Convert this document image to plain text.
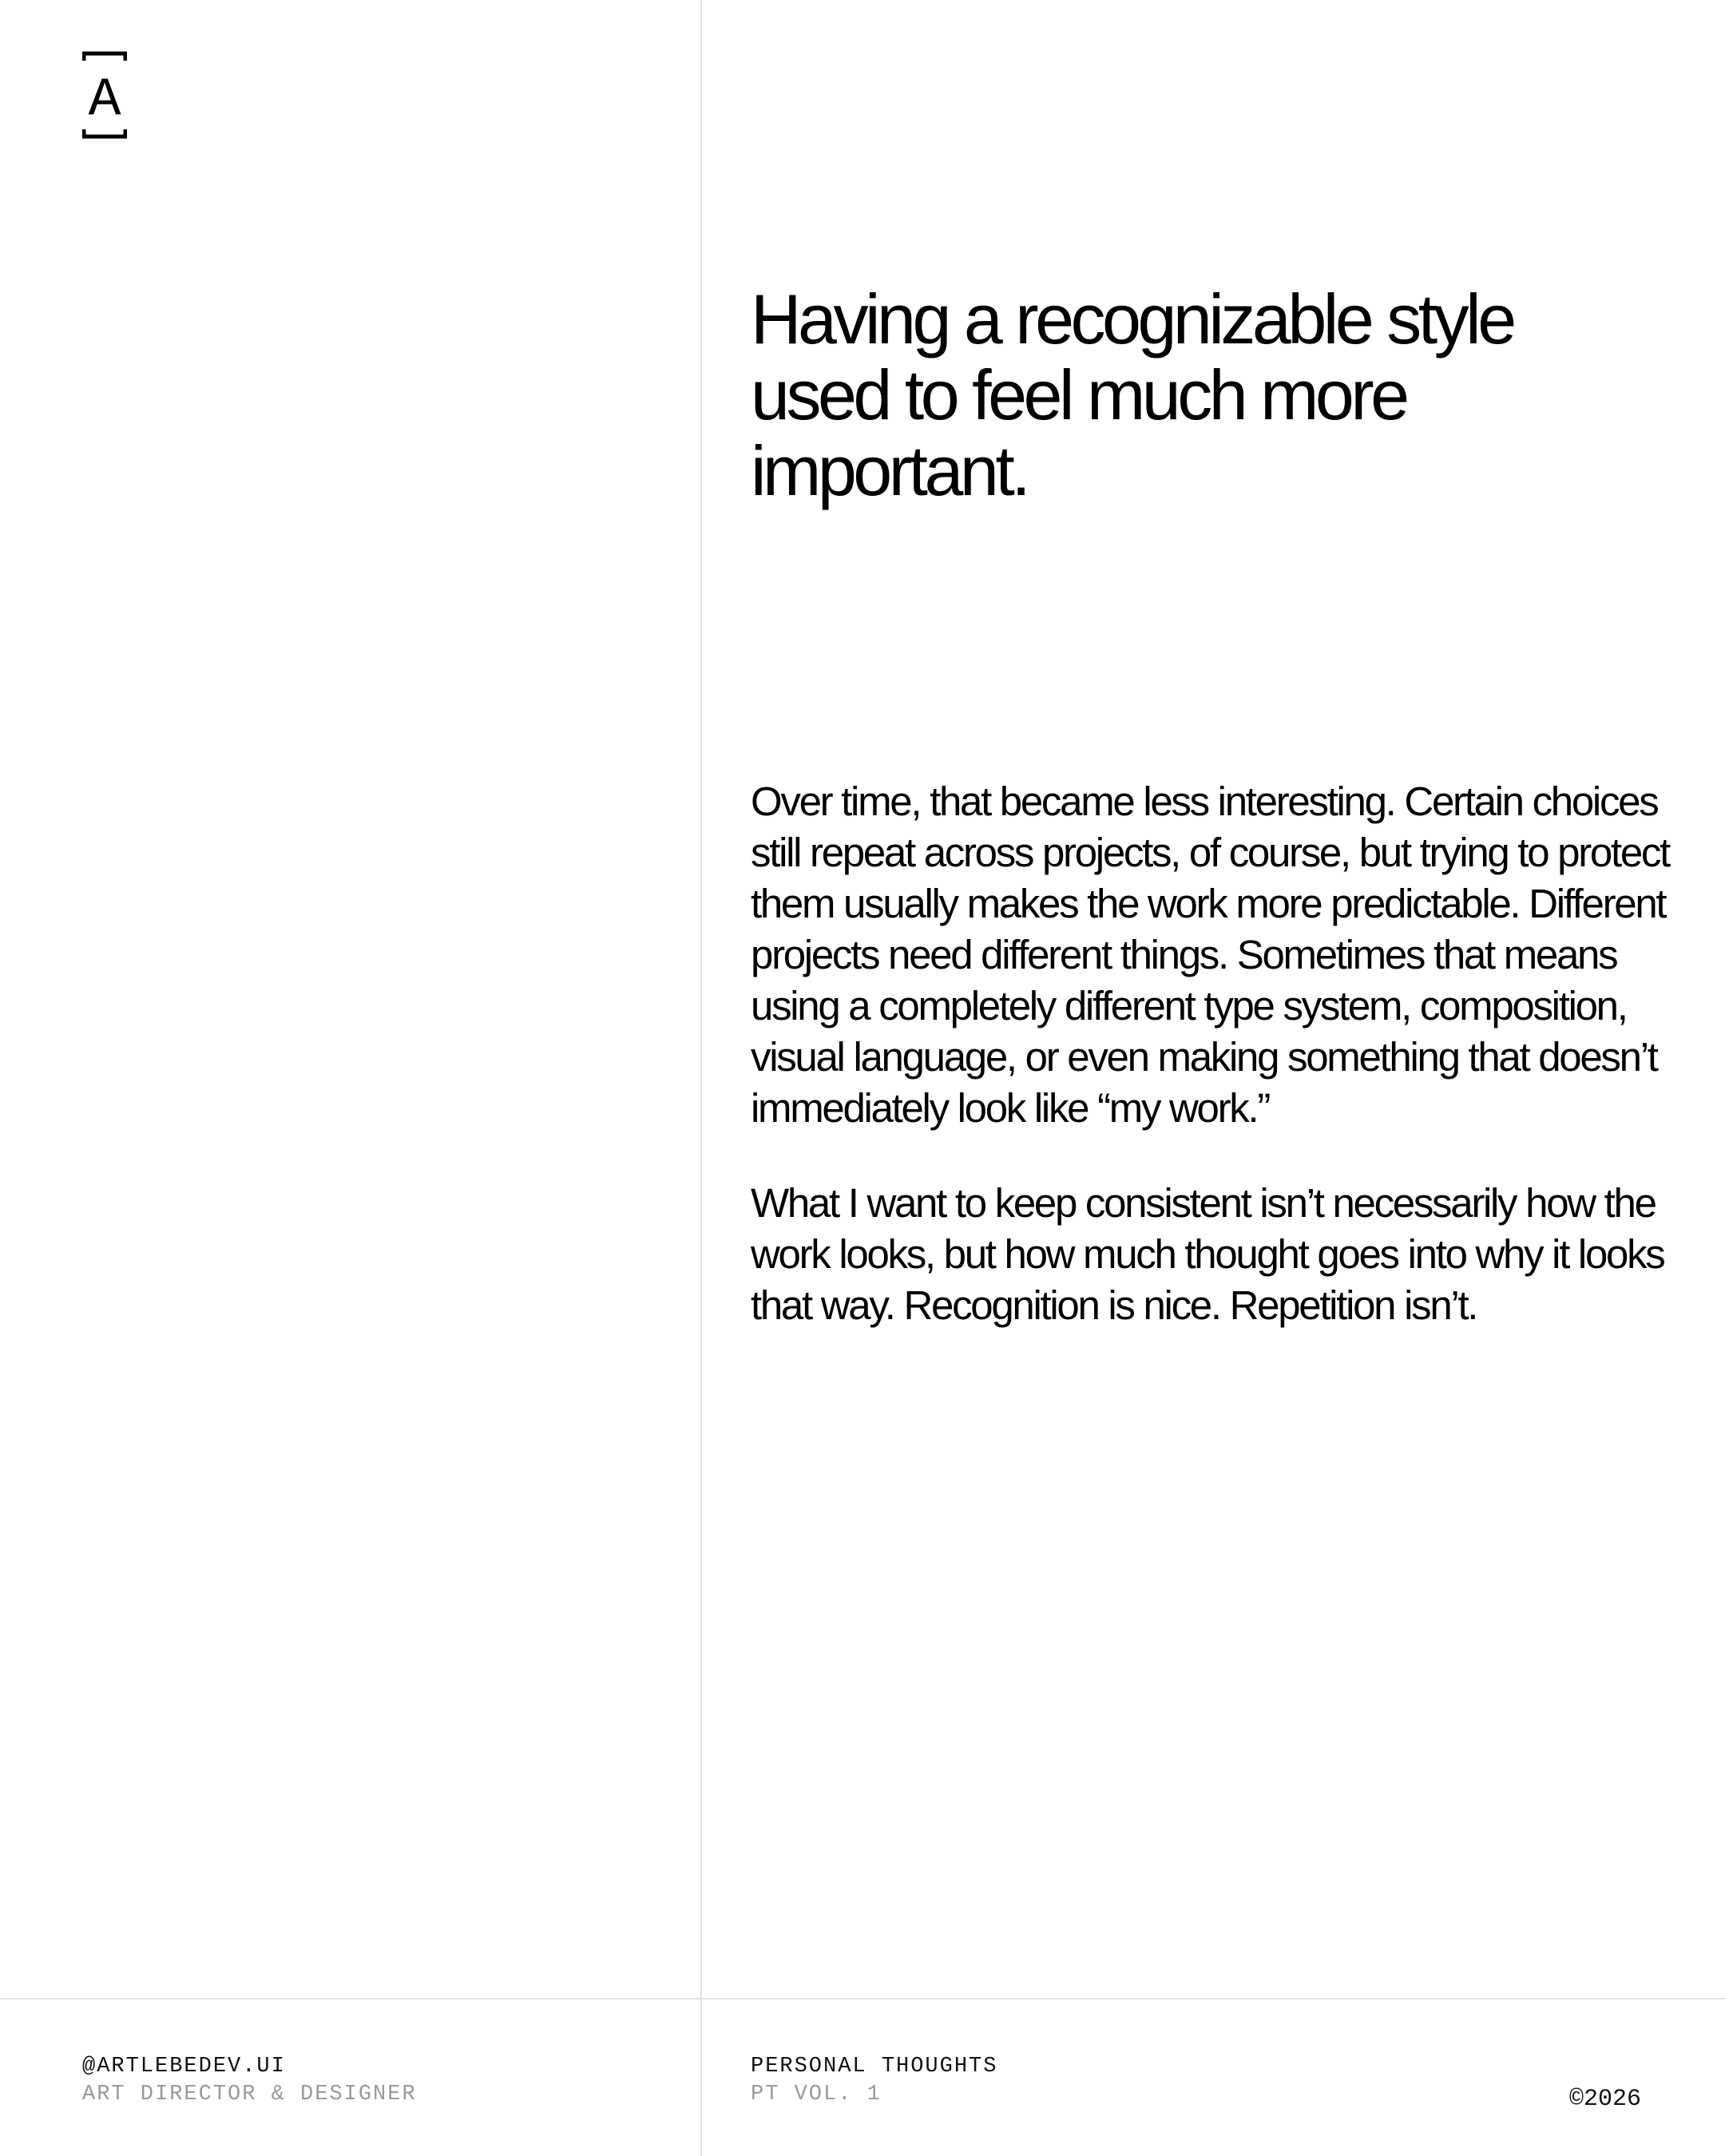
A
Having a recognizable style used to feel much more important.

Over time, that became less interesting. Certain choices still repeat across projects, of course, but trying to protect them usually makes the work more predictable. Different projects need different things. Sometimes that means using a completely different type system, composition, visual language, or even making something that doesn’t immediately look like “my work.”

What I want to keep consistent isn’t necessarily how the work looks, but how much thought goes into why it looks that way. Recognition is nice. Repetition isn’t.

@ARTLEBEDEV.UI
ART DIRECTOR & DESIGNER
PERSONAL THOUGHTS
PT VOL. 1	©2026
